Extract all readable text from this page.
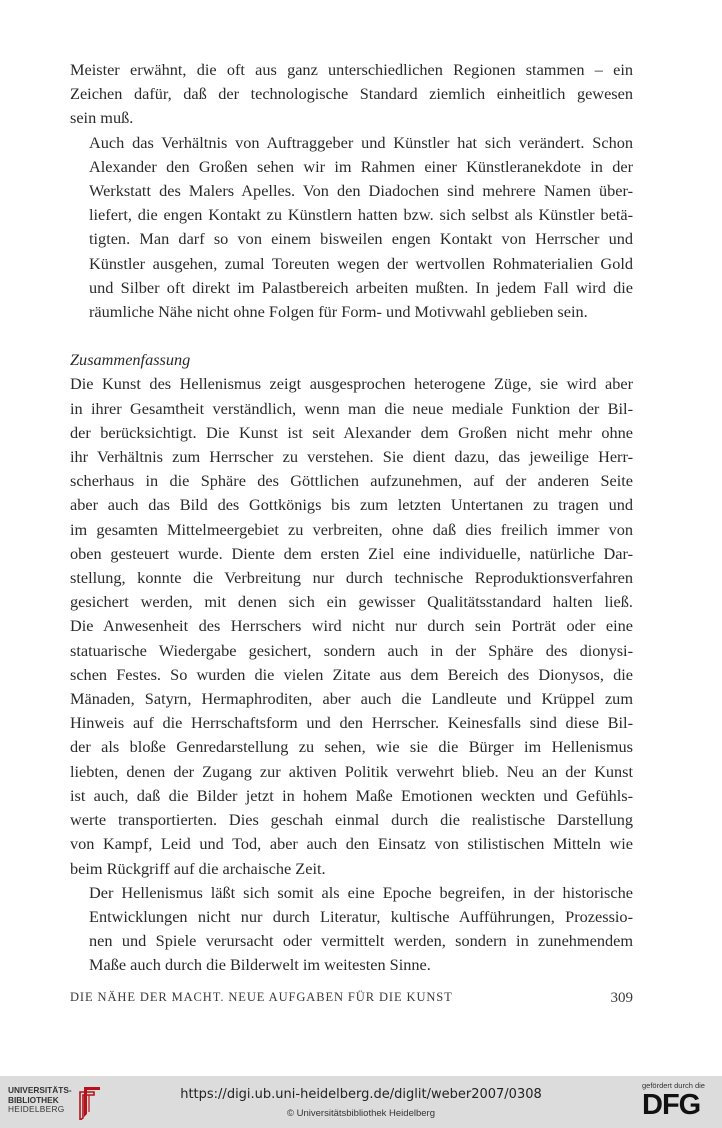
Meister erwähnt, die oft aus ganz unterschiedlichen Regionen stammen – ein
Zeichen dafür, daß der technologische Standard ziemlich einheitlich gewesen
sein muß.
Auch das Verhältnis von Auftraggeber und Künstler hat sich verändert. Schon
Alexander den Großen sehen wir im Rahmen einer Künstleranekdote in der
Werkstatt des Malers Apelles. Von den Diadochen sind mehrere Namen über-
liefert, die engen Kontakt zu Künstlern hatten bzw. sich selbst als Künstler betä-
tigten. Man darf so von einem bisweilen engen Kontakt von Herrscher und
Künstler ausgehen, zumal Toreuten wegen der wertvollen Rohmaterialien Gold
und Silber oft direkt im Palastbereich arbeiten mußten. In jedem Fall wird die
räumliche Nähe nicht ohne Folgen für Form- und Motivwahl geblieben sein.
Zusammenfassung
Die Kunst des Hellenismus zeigt ausgesprochen heterogene Züge, sie wird aber
in ihrer Gesamtheit verständlich, wenn man die neue mediale Funktion der Bil-
der berücksichtigt. Die Kunst ist seit Alexander dem Großen nicht mehr ohne
ihr Verhältnis zum Herrscher zu verstehen. Sie dient dazu, das jeweilige Herr-
scherhaus in die Sphäre des Göttlichen aufzunehmen, auf der anderen Seite
aber auch das Bild des Gottkönigs bis zum letzten Untertanen zu tragen und
im gesamten Mittelmeergebiet zu verbreiten, ohne daß dies freilich immer von
oben gesteuert wurde. Diente dem ersten Ziel eine individuelle, natürliche Dar-
stellung, konnte die Verbreitung nur durch technische Reproduktionsverfahren
gesichert werden, mit denen sich ein gewisser Qualitätsstandard halten ließ.
Die Anwesenheit des Herrschers wird nicht nur durch sein Porträt oder eine
statuarische Wiedergabe gesichert, sondern auch in der Sphäre des dionysi-
schen Festes. So wurden die vielen Zitate aus dem Bereich des Dionysos, die
Mänaden, Satyrn, Hermaphroditen, aber auch die Landleute und Krüppel zum
Hinweis auf die Herrschaftsform und den Herrscher. Keinesfalls sind diese Bil-
der als bloße Genredarstellung zu sehen, wie sie die Bürger im Hellenismus
liebten, denen der Zugang zur aktiven Politik verwehrt blieb. Neu an der Kunst
ist auch, daß die Bilder jetzt in hohem Maße Emotionen weckten und Gefühls-
werte transportierten. Dies geschah einmal durch die realistische Darstellung
von Kampf, Leid und Tod, aber auch den Einsatz von stilistischen Mitteln wie
beim Rückgriff auf die archaische Zeit.
Der Hellenismus läßt sich somit als eine Epoche begreifen, in der historische
Entwicklungen nicht nur durch Literatur, kultische Aufführungen, Prozessio-
nen und Spiele verursacht oder vermittelt werden, sondern in zunehmendem
Maße auch durch die Bilderwelt im weitesten Sinne.
DIE NÄHE DER MACHT. NEUE AUFGABEN FÜR DIE KUNST	309
UNIVERSITÄTS-
BIBLIOTHEK
HEIDELBERG
https://digi.ub.uni-heidelberg.de/diglit/weber2007/0308
© Universitätsbibliothek Heidelberg
gefördert durch die
DFG
